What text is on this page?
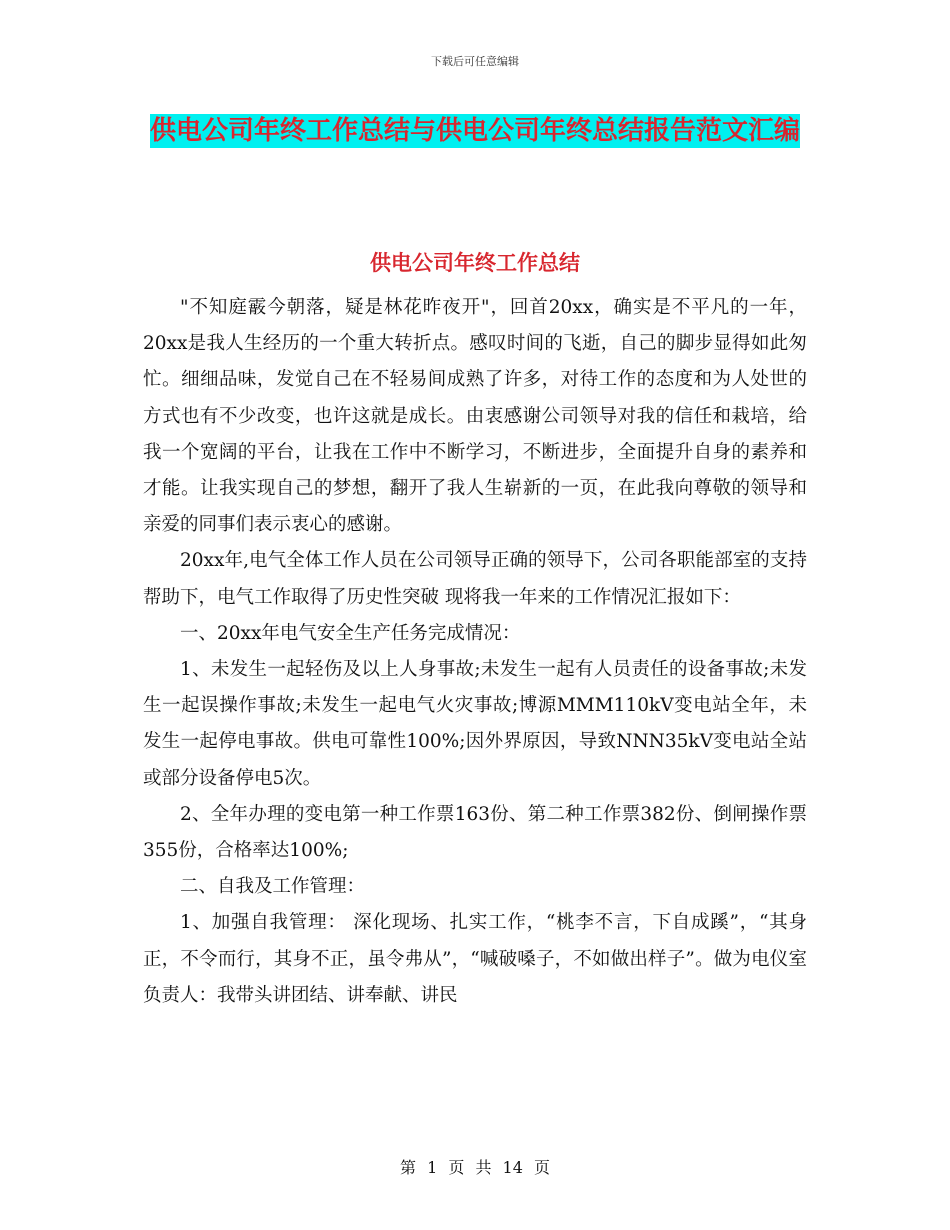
下载后可任意编辑
供电公司年终工作总结与供电公司年终总结报告范文汇编
供电公司年终工作总结

"不知庭霰今朝落，疑是林花昨夜开"，回首20xx，确实是不平凡的一年，20xx是我人生经历的一个重大转折点。感叹时间的飞逝，自己的脚步显得如此匆忙。细细品味，发觉自己在不轻易间成熟了许多，对待工作的态度和为人处世的方式也有不少改变，也许这就是成长。由衷感谢公司领导对我的信任和栽培，给我一个宽阔的平台，让我在工作中不断学习，不断进步，全面提升自身的素养和才能。让我实现自己的梦想，翻开了我人生崭新的一页，在此我向尊敬的领导和亲爱的同事们表示衷心的感谢。

20xx年,电气全体工作人员在公司领导正确的领导下，公司各职能部室的支持帮助下，电气工作取得了历史性突破 现将我一年来的工作情况汇报如下：

一、20xx年电气安全生产任务完成情况：

1、未发生一起轻伤及以上人身事故;未发生一起有人员责任的设备事故;未发生一起误操作事故;未发生一起电气火灾事故;博源MMM110kV变电站全年，未发生一起停电事故。供电可靠性100%;因外界原因，导致NNN35kV变电站全站或部分设备停电5次。

2、全年办理的变电第一种工作票163份、第二种工作票382份、倒闸操作票355份，合格率达100%;

二、自我及工作管理：

1、加强自我管理： 深化现场、扎实工作，“桃李不言，下自成蹊”，“其身正，不令而行，其身不正，虽令弗从”，“喊破嗓子，不如做出样子”。做为电仪室负责人：我带头讲团结、讲奉献、讲民

第 1 页 共 14 页
